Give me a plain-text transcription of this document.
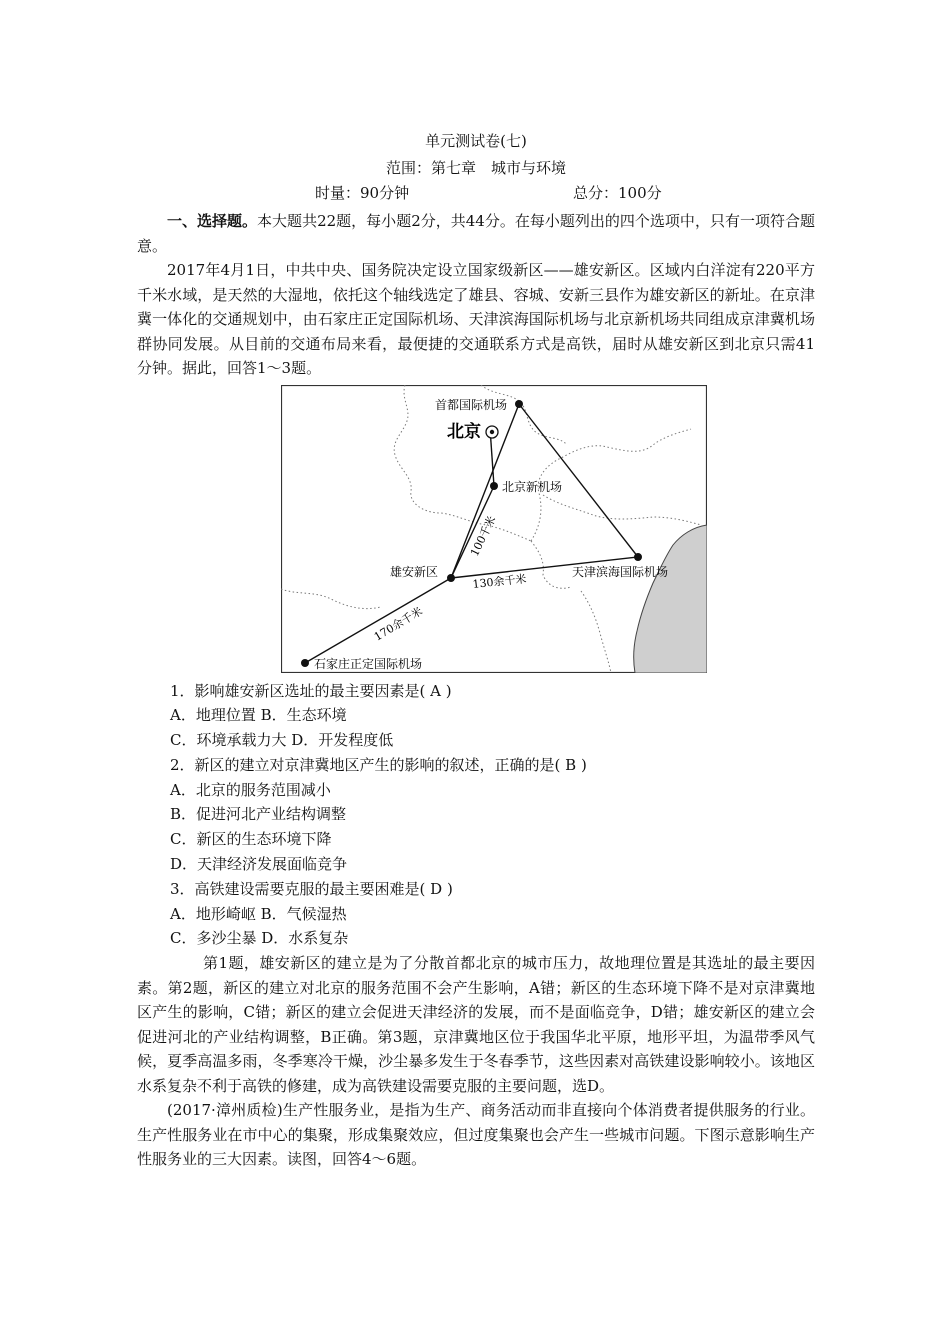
单元测试卷(七)
范围：第七章　城市与环境
时量：90分钟	总分：100分

一、选择题。本大题共22题，每小题2分，共44分。在每小题列出的四个选项中，只有一项符合题意。

2017年4月1日，中共中央、国务院决定设立国家级新区——雄安新区。区域内白洋淀有220平方千米水域，是天然的大湿地，依托这个轴线选定了雄县、容城、安新三县作为雄安新区的新址。在京津冀一体化的交通规划中，由石家庄正定国际机场、天津滨海国际机场与北京新机场共同组成京津冀机场群协同发展。从目前的交通布局来看，最便捷的交通联系方式是高铁，届时从雄安新区到北京只需41分钟。据此，回答1～3题。

首都国际机场
北京
北京新机场
雄安新区	天津滨海国际机场
石家庄正定国际机场
100千米
130余千米
170余千米
1．影响雄安新区选址的最主要因素是( A )
A．地理位置 B．生态环境
C．环境承载力大 D．开发程度低
2．新区的建立对京津冀地区产生的影响的叙述，正确的是( B )
A．北京的服务范围减小
B．促进河北产业结构调整
C．新区的生态环境下降
D．天津经济发展面临竞争
3．高铁建设需要克服的最主要困难是( D )
A．地形崎岖 B．气候湿热
C．多沙尘暴 D．水系复杂

第1题，雄安新区的建立是为了分散首都北京的城市压力，故地理位置是其选址的最主要因素。第2题，新区的建立对北京的服务范围不会产生影响，A错；新区的生态环境下降不是对京津冀地区产生的影响，C错；新区的建立会促进天津经济的发展，而不是面临竞争，D错；雄安新区的建立会促进河北的产业结构调整，B正确。第3题，京津冀地区位于我国华北平原，地形平坦，为温带季风气候，夏季高温多雨，冬季寒冷干燥，沙尘暴多发生于冬春季节，这些因素对高铁建设影响较小。该地区水系复杂不利于高铁的修建，成为高铁建设需要克服的主要问题，选D。

(2017·漳州质检)生产性服务业，是指为生产、商务活动而非直接向个体消费者提供服务的行业。生产性服务业在市中心的集聚，形成集聚效应，但过度集聚也会产生一些城市问题。下图示意影响生产性服务业的三大因素。读图，回答4～6题。
